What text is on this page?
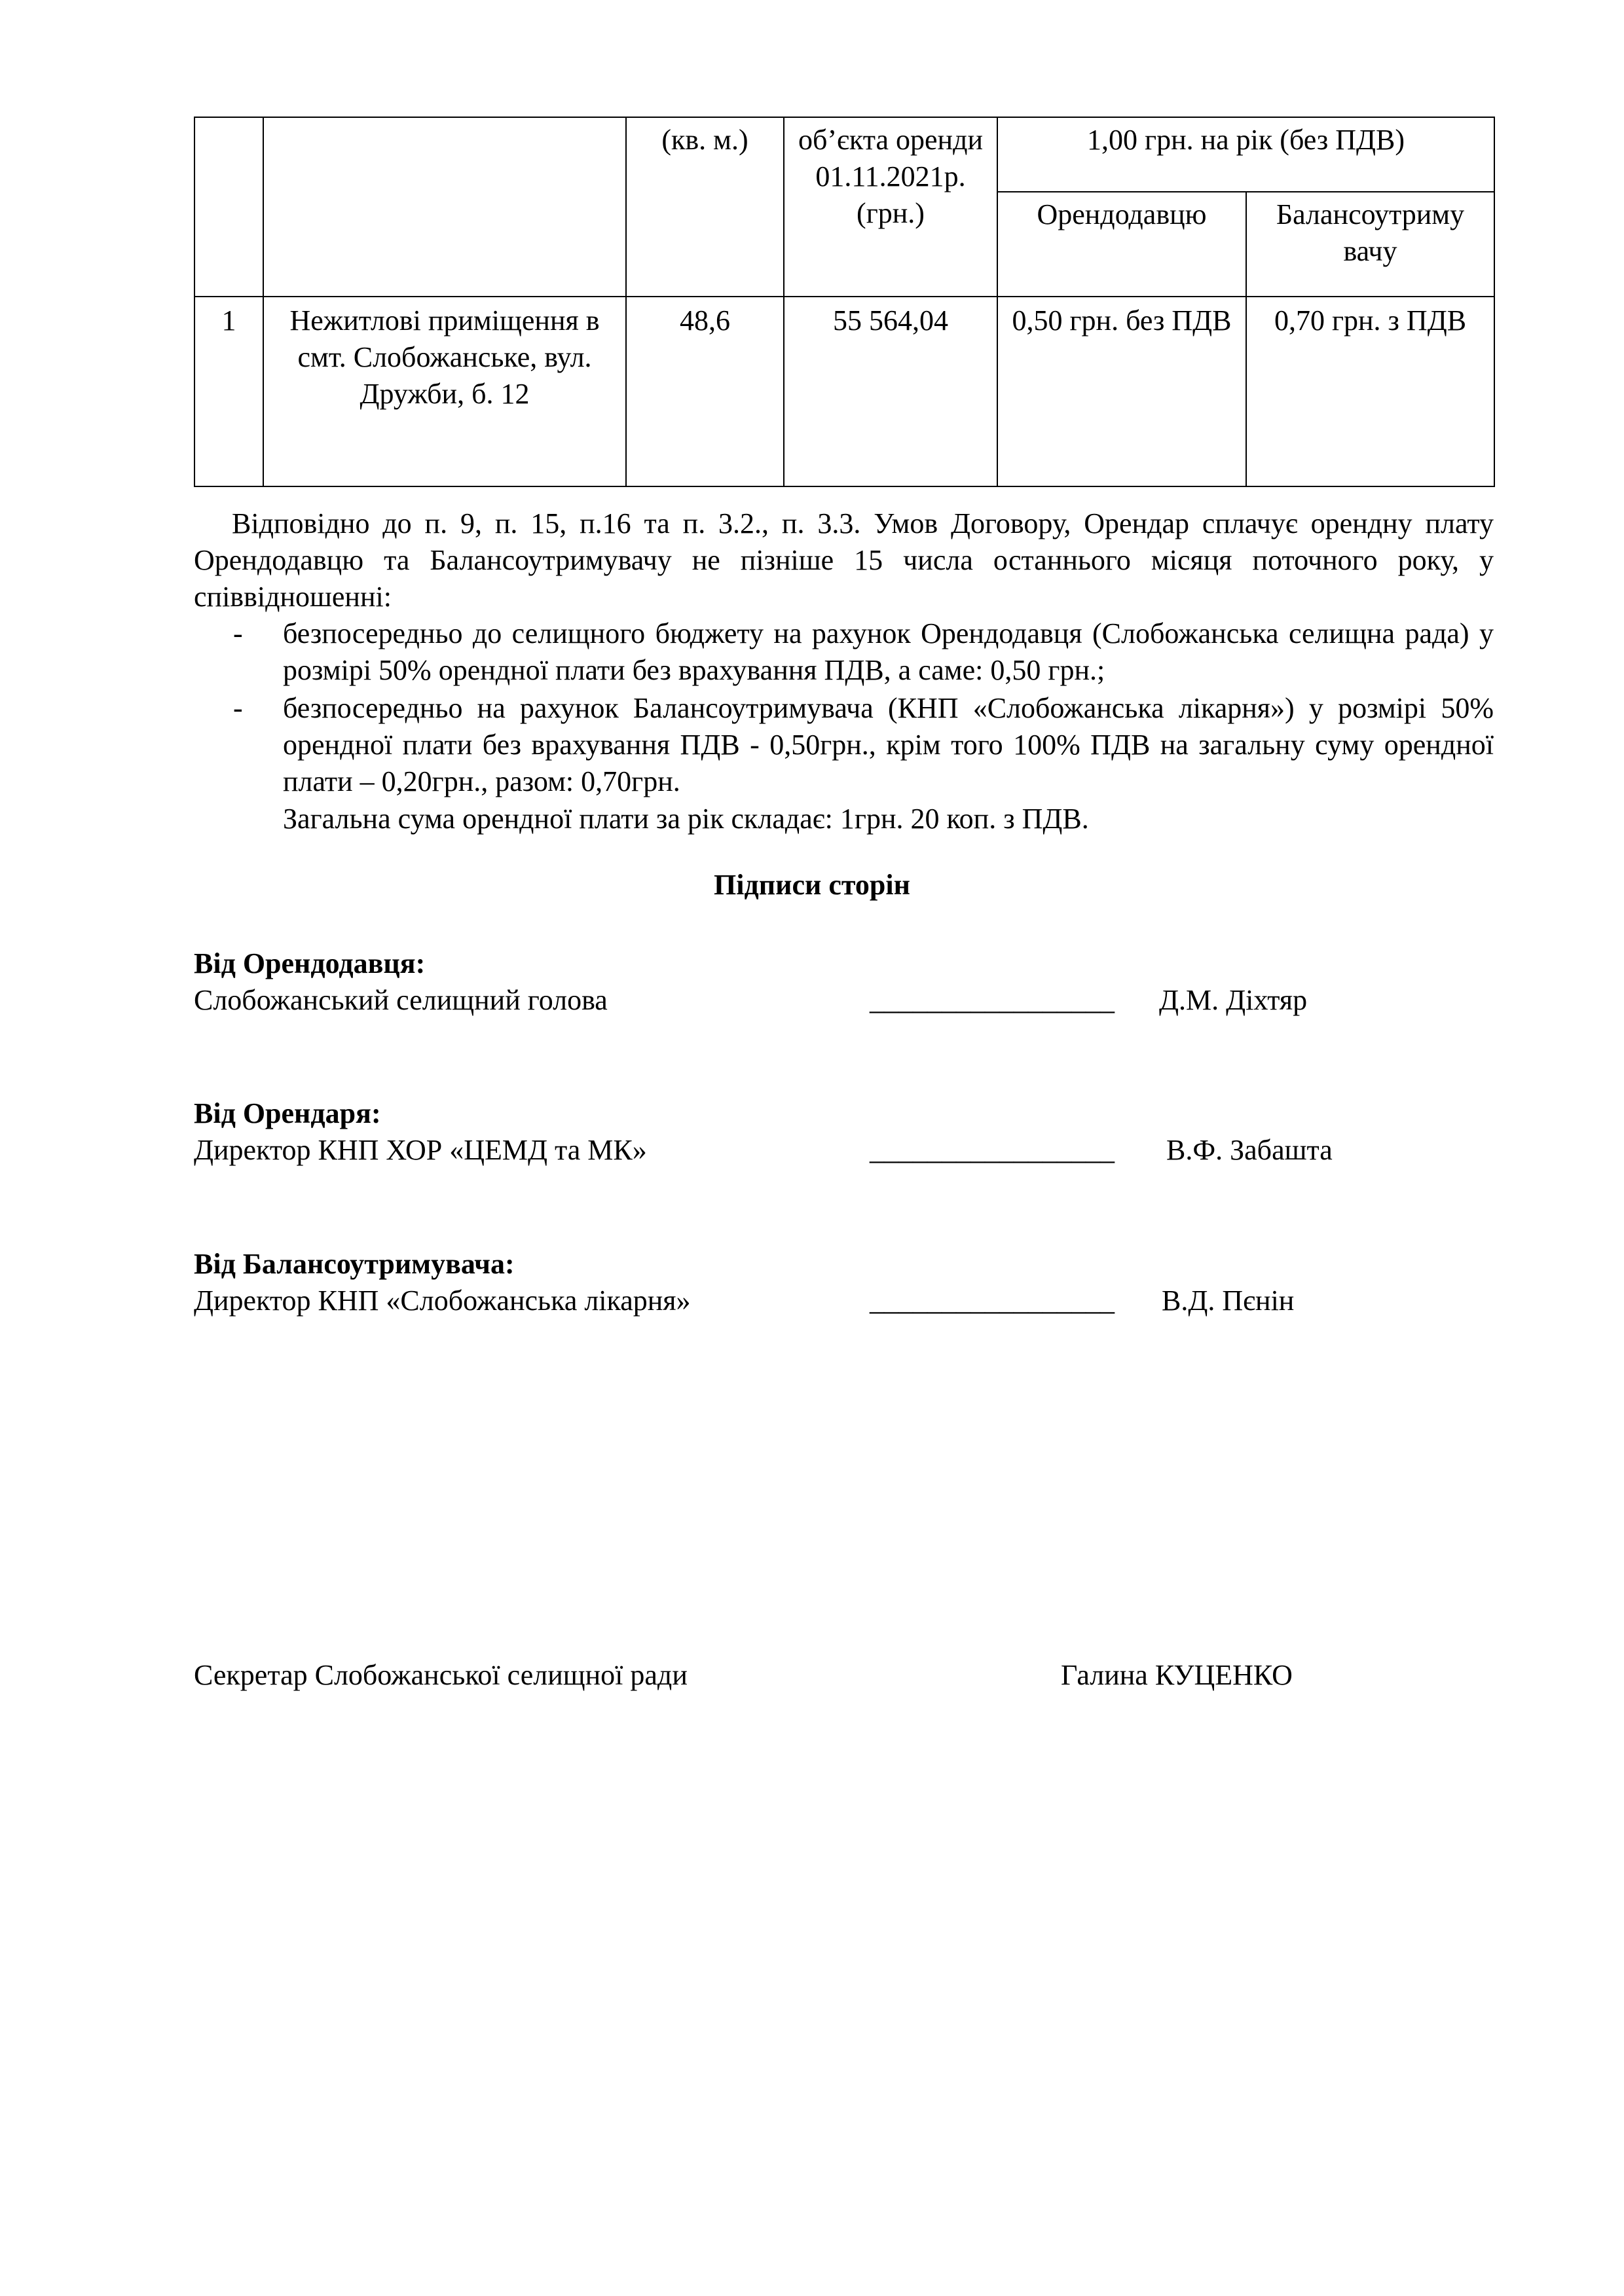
		(кв. м.)	об’єкта оренди 01.11.2021р. (грн.)	1,00 грн. на рік (без ПДВ)	
				Орендодавцю	Балансоутриму вачу
1	Нежитлові приміщення в смт. Слобожанське, вул. Дружби, б. 12	48,6	55 564,04	0,50 грн. без ПДВ	0,70 грн. з ПДВ
Відповідно до п. 9, п. 15, п.16 та п. 3.2., п. 3.3. Умов Договору, Орендар сплачує орендну плату Орендодавцю та Балансоутримувачу не пізніше 15 числа останнього місяця поточного року, у співвідношенні:
- безпосередньо до селищного бюджету на рахунок Орендодавця (Слобожанська селищна рада) у розмірі 50% орендної плати без врахування ПДВ, а саме: 0,50 грн.;
- безпосередньо на рахунок Балансоутримувача (КНП «Слобожанська лікарня») у розмірі 50% орендної плати без врахування ПДВ - 0,50грн., крім того 100% ПДВ на загальну суму орендної плати – 0,20грн., разом: 0,70грн.
Загальна сума орендної плати за рік складає: 1грн. 20 коп. з ПДВ.
Підписи сторін
Від Орендодавця:
Слобожанський селищний голова	_________________ Д.М. Діхтяр
Від Орендаря:
Директор КНП ХОР «ЦЕМД та МК»	_________________ В.Ф. Забашта
Від Балансоутримувача:
Директор КНП «Слобожанська лікарня»	_________________ В.Д. Пєнін
Секретар Слобожанської селищної ради	Галина КУЦЕНКО
